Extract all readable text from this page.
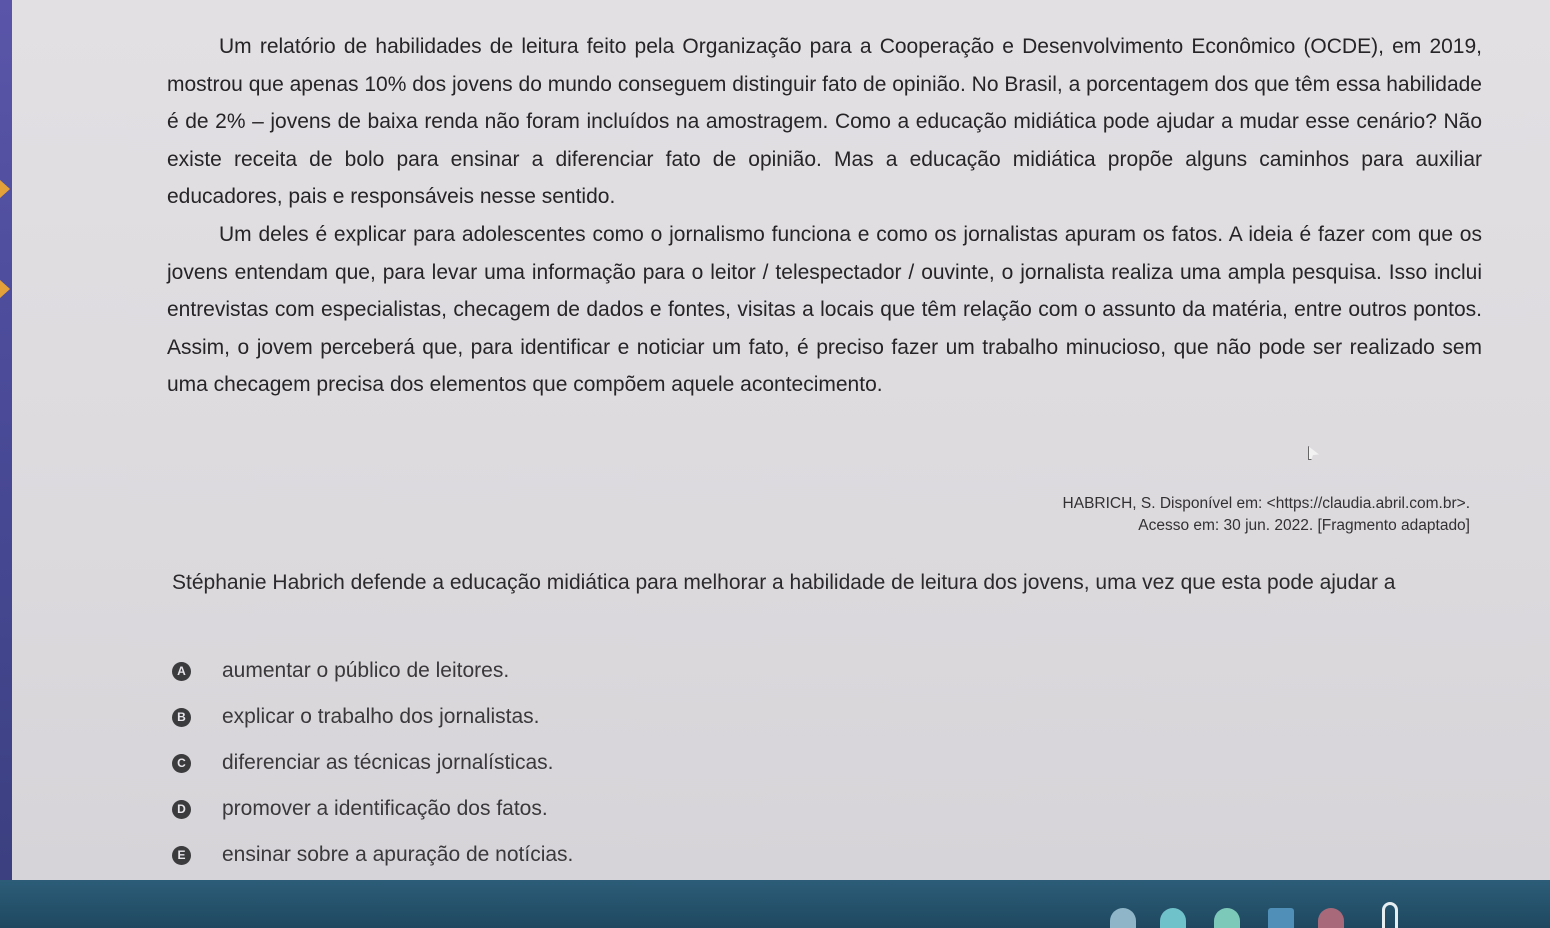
Um relatório de habilidades de leitura feito pela Organização para a Cooperação e Desenvolvimento Econômico (OCDE), em 2019, mostrou que apenas 10% dos jovens do mundo conseguem distinguir fato de opinião. No Brasil, a porcentagem dos que têm essa habilidade é de 2% – jovens de baixa renda não foram incluídos na amostragem. Como a educação midiática pode ajudar a mudar esse cenário? Não existe receita de bolo para ensinar a diferenciar fato de opinião. Mas a educação midiática propõe alguns caminhos para auxiliar educadores, pais e responsáveis nesse sentido.

Um deles é explicar para adolescentes como o jornalismo funciona e como os jornalistas apuram os fatos. A ideia é fazer com que os jovens entendam que, para levar uma informação para o leitor / telespectador / ouvinte, o jornalista realiza uma ampla pesquisa. Isso inclui entrevistas com especialistas, checagem de dados e fontes, visitas a locais que têm relação com o assunto da matéria, entre outros pontos. Assim, o jovem perceberá que, para identificar e noticiar um fato, é preciso fazer um trabalho minucioso, que não pode ser realizado sem uma checagem precisa dos elementos que compõem aquele acontecimento.

HABRICH, S. Disponível em: <https://claudia.abril.com.br>.
Acesso em: 30 jun. 2022. [Fragmento adaptado]

Stéphanie Habrich defende a educação midiática para melhorar a habilidade de leitura dos jovens, uma vez que esta pode ajudar a

A aumentar o público de leitores.
B explicar o trabalho dos jornalistas.
C diferenciar as técnicas jornalísticas.
D promover a identificação dos fatos.
E ensinar sobre a apuração de notícias.
